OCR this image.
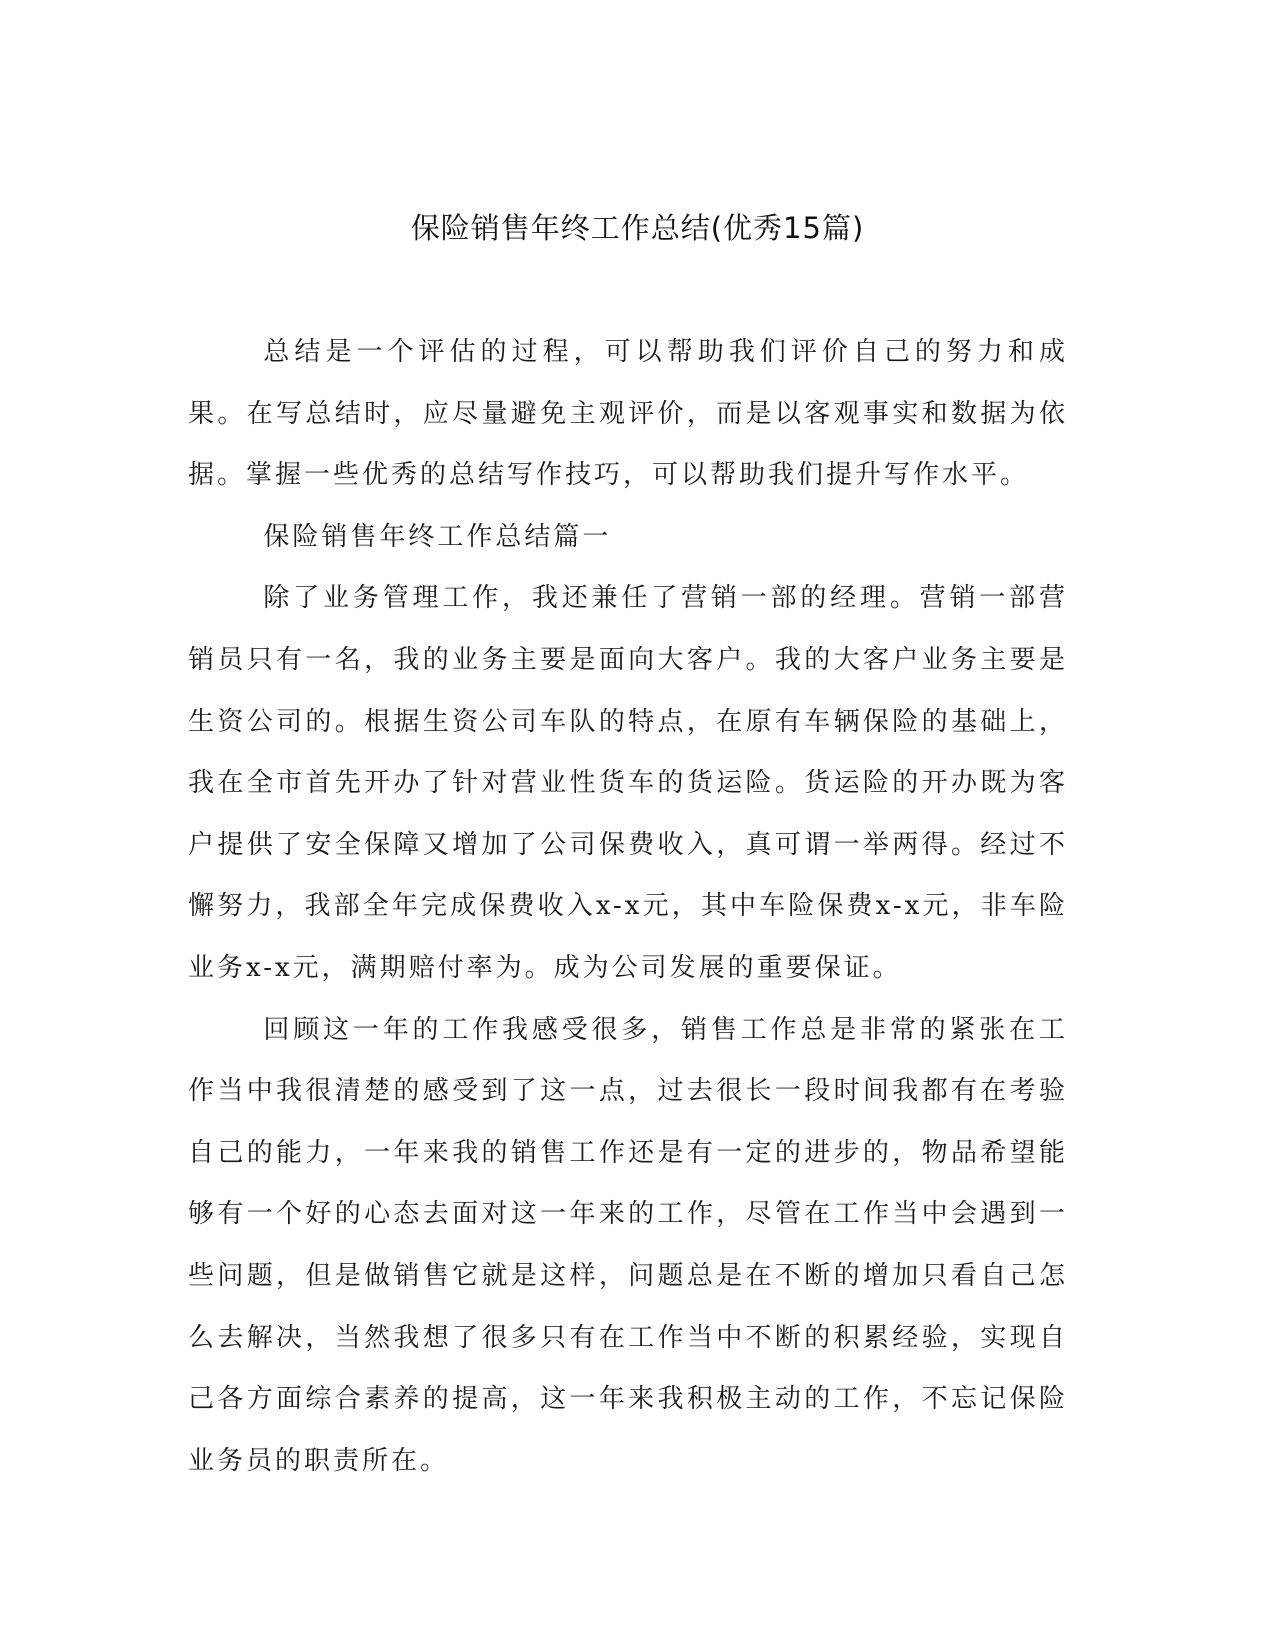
保险销售年终工作总结(优秀15篇)

总结是一个评估的过程，可以帮助我们评价自己的努力和成果。在写总结时，应尽量避免主观评价，而是以客观事实和数据为依据。掌握一些优秀的总结写作技巧，可以帮助我们提升写作水平。

保险销售年终工作总结篇一

除了业务管理工作，我还兼任了营销一部的经理。营销一部营销员只有一名，我的业务主要是面向大客户。我的大客户业务主要是生资公司的。根据生资公司车队的特点，在原有车辆保险的基础上，我在全市首先开办了针对营业性货车的货运险。货运险的开办既为客户提供了安全保障又增加了公司保费收入，真可谓一举两得。经过不懈努力，我部全年完成保费收入x-x元，其中车险保费x-x元，非车险业务x-x元，满期赔付率为。成为公司发展的重要保证。

回顾这一年的工作我感受很多，销售工作总是非常的紧张在工作当中我很清楚的感受到了这一点，过去很长一段时间我都有在考验自己的能力，一年来我的销售工作还是有一定的进步的，物品希望能够有一个好的心态去面对这一年来的工作，尽管在工作当中会遇到一些问题，但是做销售它就是这样，问题总是在不断的增加只看自己怎么去解决，当然我想了很多只有在工作当中不断的积累经验，实现自己各方面综合素养的提高，这一年来我积极主动的工作，不忘记保险业务员的职责所在。
